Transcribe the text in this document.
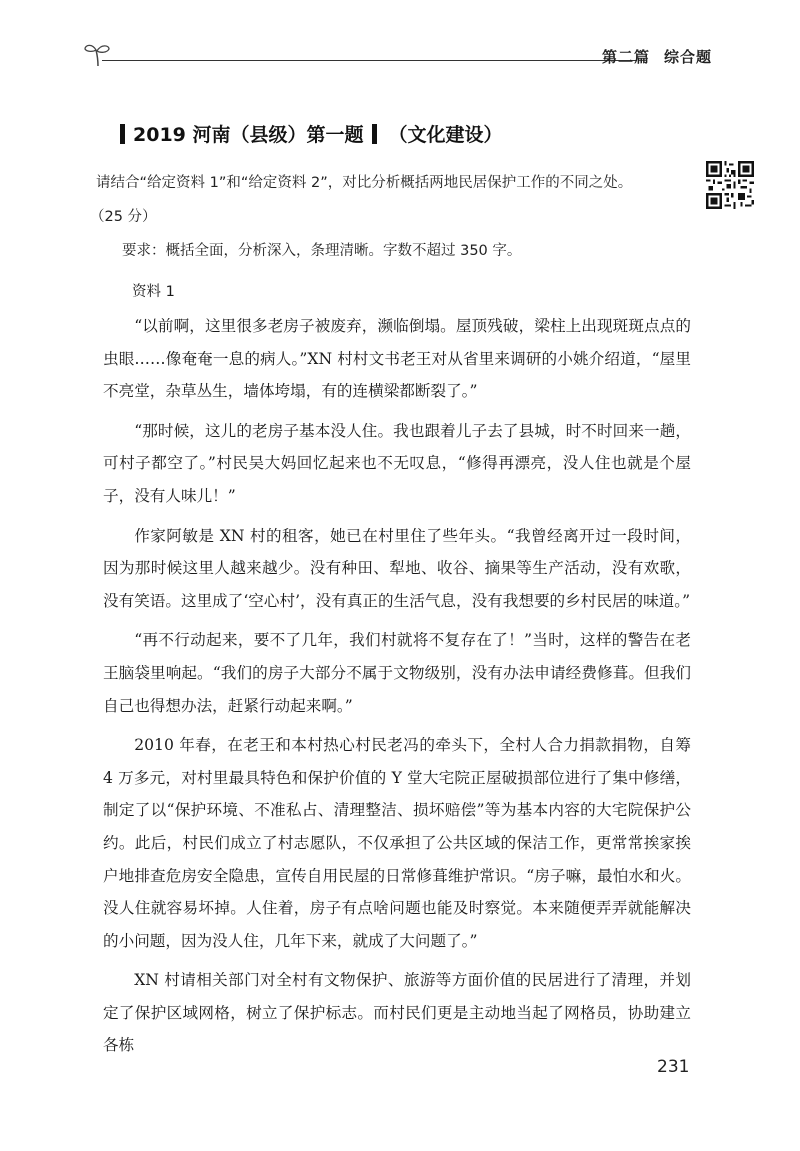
第二篇 综合题
2019 河南（县级）第一题 （文化建设）
请结合“给定资料 1”和“给定资料 2”，对比分析概括两地民居保护工作的不同之处。
（25 分）
要求：概括全面，分析深入，条理清晰。字数不超过 350 字。

资料 1

“以前啊，这里很多老房子被废弃，濒临倒塌。屋顶残破，梁柱上出现斑斑点点的虫眼……像奄奄一息的病人。”XN 村村文书老王对从省里来调研的小姚介绍道，“屋里不亮堂，杂草丛生，墙体垮塌，有的连横梁都断裂了。”

“那时候，这儿的老房子基本没人住。我也跟着儿子去了县城，时不时回来一趟，可村子都空了。”村民吴大妈回忆起来也不无叹息，“修得再漂亮，没人住也就是个屋子，没有人味儿！”

作家阿敏是 XN 村的租客，她已在村里住了些年头。“我曾经离开过一段时间，因为那时候这里人越来越少。没有种田、犁地、收谷、摘果等生产活动，没有欢歌，没有笑语。这里成了‘空心村’，没有真正的生活气息，没有我想要的乡村民居的味道。”

“再不行动起来，要不了几年，我们村就将不复存在了！”当时，这样的警告在老王脑袋里响起。“我们的房子大部分不属于文物级别，没有办法申请经费修葺。但我们自己也得想办法，赶紧行动起来啊。”

2010 年春，在老王和本村热心村民老冯的牵头下，全村人合力捐款捐物，自筹 4 万多元，对村里最具特色和保护价值的 Y 堂大宅院正屋破损部位进行了集中修缮，制定了以“保护环境、不准私占、清理整洁、损坏赔偿”等为基本内容的大宅院保护公约。此后，村民们成立了村志愿队，不仅承担了公共区域的保洁工作，更常常挨家挨户地排查危房安全隐患，宣传自用民屋的日常修葺维护常识。“房子嘛，最怕水和火。没人住就容易坏掉。人住着，房子有点啥问题也能及时察觉。本来随便弄弄就能解决的小问题，因为没人住，几年下来，就成了大问题了。”

XN 村请相关部门对全村有文物保护、旅游等方面价值的民居进行了清理，并划定了保护区域网格，树立了保护标志。而村民们更是主动地当起了网格员，协助建立各栋

231
